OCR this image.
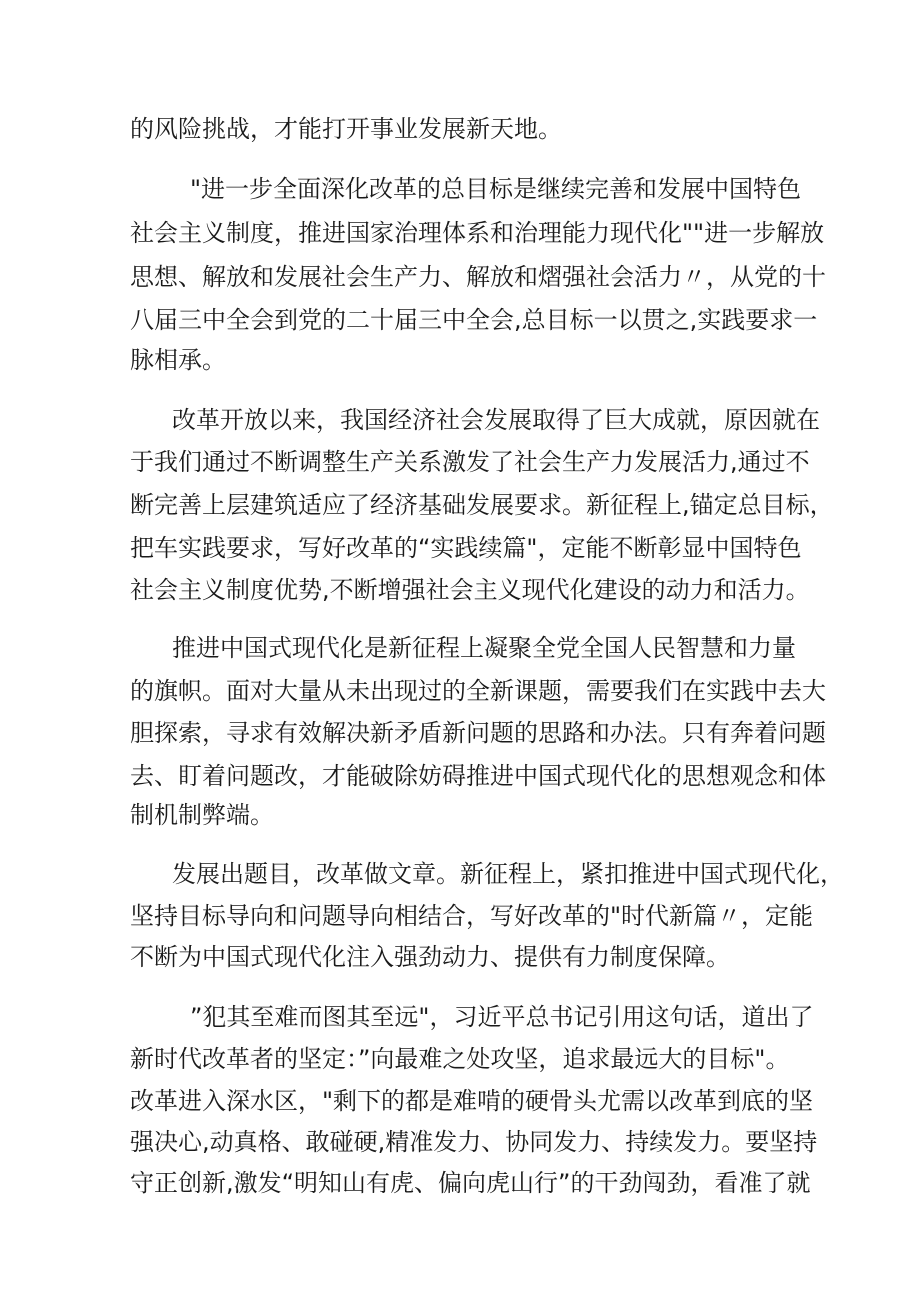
的风险挑战，才能打开事业发展新天地。
"进一步全面深化改革的总目标是继续完善和发展中国特色
社会主义制度，推进国家治理体系和治理能力现代化""进一步解放
思想、解放和发展社会生产力、解放和熠强社会活力〃，从党的十
八届三中全会到党的二十届三中全会,总目标一以贯之,实践要求一
脉相承。
改革开放以来，我国经济社会发展取得了巨大成就，原因就在
于我们通过不断调整生产关系激发了社会生产力发展活力,通过不
断完善上层建筑适应了经济基础发展要求。新征程上,锚定总目标，
把车实践要求，写好改革的“实践续篇"，定能不断彰显中国特色
社会主义制度优势,不断增强社会主义现代化建设的动力和活力。
推进中国式现代化是新征程上凝聚全党全国人民智慧和力量
的旗帜。面对大量从未出现过的全新课题，需要我们在实践中去大
胆探索，寻求有效解决新矛盾新问题的思路和办法。只有奔着问题
去、盯着问题改，才能破除妨碍推进中国式现代化的思想观念和体
制机制弊端。
发展出题目，改革做文章。新征程上，紧扣推进中国式现代化，
坚持目标导向和问题导向相结合，写好改革的"时代新篇〃，定能
不断为中国式现代化注入强劲动力、提供有力制度保障。
”犯其至难而图其至远"，习近平总书记引用这句话，道出了
新时代改革者的坚定：”向最难之处攻坚，追求最远大的目标"。
改革进入深水区，"剩下的都是难啃的硬骨头尤需以改革到底的坚
强决心,动真格、敢碰硬,精准发力、协同发力、持续发力。要坚持
守正创新,激发“明知山有虎、偏向虎山行”的干劲闯劲，看准了就
